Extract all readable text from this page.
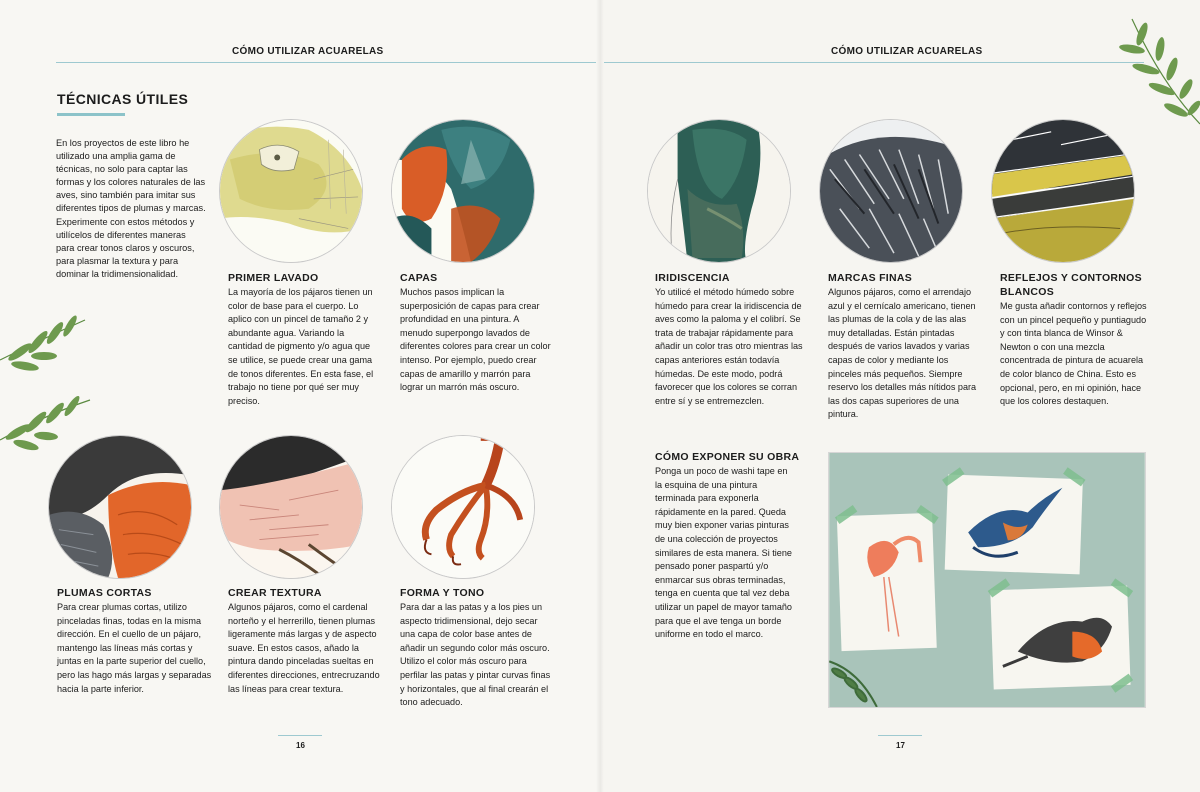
CÓMO UTILIZAR ACUARELAS	CÓMO UTILIZAR ACUARELAS
TÉCNICAS ÚTILES
En los proyectos de este libro he utilizado una amplia gama de técnicas, no solo para captar las formas y los colores naturales de las aves, sino también para imitar sus diferentes tipos de plumas y marcas. Experimente con estos métodos y utilícelos de diferentes maneras para crear tonos claros y oscuros, para plasmar la textura y para dominar la tridimensionalidad.	PRIMER LAVADO
La mayoría de los pájaros tienen un color de base para el cuerpo. Lo aplico con un pincel de tamaño 2 y abundante agua. Variando la cantidad de pigmento y/o agua que se utilice, se puede crear una gama de tonos diferentes. En esta fase, el trabajo no tiene por qué ser muy preciso.
CAPAS
Muchos pasos implican la superposición de capas para crear profundidad en una pintura. A menudo superpongo lavados de diferentes colores para crear un color intenso. Por ejemplo, puedo crear capas de amarillo y marrón para lograr un marrón más oscuro.
PLUMAS CORTAS
Para crear plumas cortas, utilizo pinceladas finas, todas en la misma dirección. En el cuello de un pájaro, mantengo las líneas más cortas y juntas en la parte superior del cuello, pero las hago más largas y separadas hacia la parte inferior.
CREAR TEXTURA
Algunos pájaros, como el cardenal norteño y el herrerillo, tienen plumas ligeramente más largas y de aspecto suave. En estos casos, añado la pintura dando pinceladas sueltas en diferentes direcciones, entrecruzando las líneas para crear textura.
FORMA Y TONO
Para dar a las patas y a los pies un aspecto tridimensional, dejo secar una capa de color base antes de añadir un segundo color más oscuro. Utilizo el color más oscuro para perfilar las patas y pintar curvas finas y horizontales, que al final crearán el tono adecuado.
IRIDISCENCIA
Yo utilicé el método húmedo sobre húmedo para crear la iridiscencia de aves como la paloma y el colibrí. Se trata de trabajar rápidamente para añadir un color tras otro mientras las capas anteriores están todavía húmedas. De este modo, podrá favorecer que los colores se corran entre sí y se entremezclen.
MARCAS FINAS
Algunos pájaros, como el arrendajo azul y el cernícalo americano, tienen las plumas de la cola y de las alas muy detalladas. Están pintadas después de varios lavados y varias capas de color y mediante los pinceles más pequeños. Siempre reservo los detalles más nítidos para las dos capas superiores de una pintura.
REFLEJOS Y CONTORNOS BLANCOS
Me gusta añadir contornos y reflejos con un pincel pequeño y puntiagudo y con tinta blanca de Winsor & Newton o con una mezcla concentrada de pintura de acuarela de color blanco de China. Esto es opcional, pero, en mi opinión, hace que los colores destaquen.
CÓMO EXPONER SU OBRA
Ponga un poco de washi tape en la esquina de una pintura terminada para exponerla rápidamente en la pared. Queda muy bien exponer varias pinturas de una colección de proyectos similares de esta manera. Si tiene pensado poner paspartú y/o enmarcar sus obras terminadas, tenga en cuenta que tal vez deba utilizar un papel de mayor tamaño para que el ave tenga un borde uniforme en todo el marco.
16	17
